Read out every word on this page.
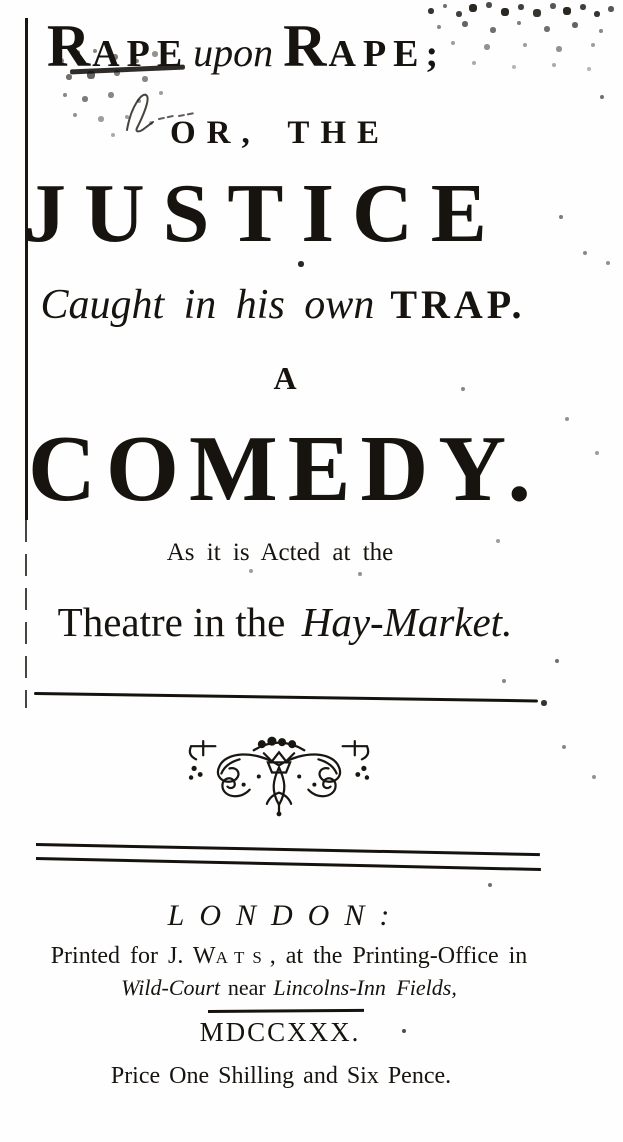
R APE upon R APE;
OR, THE
JUSTICE
Caught in his own TRAP.
A
COMEDY.
As it is Acted at the
Theatre in the Hay-Market.
LONDON:
Printed for J. WATS, at the Printing-Office in
Wild-Court near Lincolns-Inn Fields,
MDCCXXX.
Price One Shilling and Six Pence.
